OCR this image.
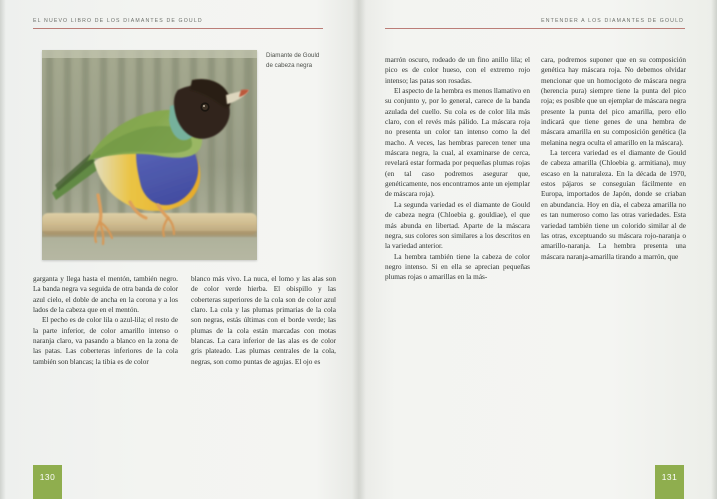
EL NUEVO LIBRO DE LOS DIAMANTES DE GOULD	ENTENDER A LOS DIAMANTES DE GOULD
Diamante de Gould
de cabeza negra

garganta y llega hasta el mentón, también negro. La banda negra va seguida de otra banda de color azul cielo, el doble de ancha en la corona y a los lados de la cabeza que en el mentón.

El pecho es de color lila o azul-lila; el resto de la parte inferior, de color amarillo intenso o naranja claro, va pasando a blanco en la zona de las patas. Las coberteras inferiores de la cola también son blancas; la tibia es de color

blanco más vivo. La nuca, el lomo y las alas son de color verde hierba. El obispillo y las coberteras superiores de la cola son de color azul claro. La cola y las plumas primarias de la cola son negras, estás últimas con el borde verde; las plumas de la cola están marcadas con motas blancas. La cara inferior de las alas es de color gris plateado. Las plumas centrales de la cola, negras, son como puntas de agujas. El ojo es

marrón oscuro, rodeado de un fino anillo lila; el pico es de color hueso, con el extremo rojo intenso; las patas son rosadas.

El aspecto de la hembra es menos llamativo en su conjunto y, por lo general, carece de la banda azulada del cuello. Su cola es de color lila más claro, con el revés más pálido. La máscara roja no presenta un color tan intenso como la del macho. A veces, las hembras parecen tener una máscara negra, la cual, al examinarse de cerca, revelará estar formada por pequeñas plumas rojas (en tal caso podremos asegurar que, genéticamente, nos encontramos ante un ejemplar de máscara roja).

La segunda variedad es el diamante de Gould de cabeza negra (Chloebia g. gouldiae), el que más abunda en libertad. Aparte de la máscara negra, sus colores son similares a los descritos en la variedad anterior.

La hembra también tiene la cabeza de color negro intenso. Si en ella se aprecian pequeñas plumas rojas o amarillas en la más-

cara, podremos suponer que en su composición genética hay máscara roja. No debemos olvidar mencionar que un homocigoto de máscara negra (herencia pura) siempre tiene la punta del pico roja; es posible que un ejemplar de máscara negra presente la punta del pico amarilla, pero ello indicará que tiene genes de una hembra de máscara amarilla en su composición genética (la melanina negra oculta el amarillo en la máscara).

La tercera variedad es el diamante de Gould de cabeza amarilla (Chloebia g. armitiana), muy escaso en la naturaleza. En la década de 1970, estos pájaros se conseguían fácilmente en Europa, importados de Japón, donde se criaban en abundancia. Hoy en día, el cabeza amarilla no es tan numeroso como las otras variedades. Esta variedad también tiene un colorido similar al de las otras, exceptuando su máscara rojo-naranja o amarillo-naranja. La hembra presenta una máscara naranja-amarilla tirando a marrón, que

130	131
